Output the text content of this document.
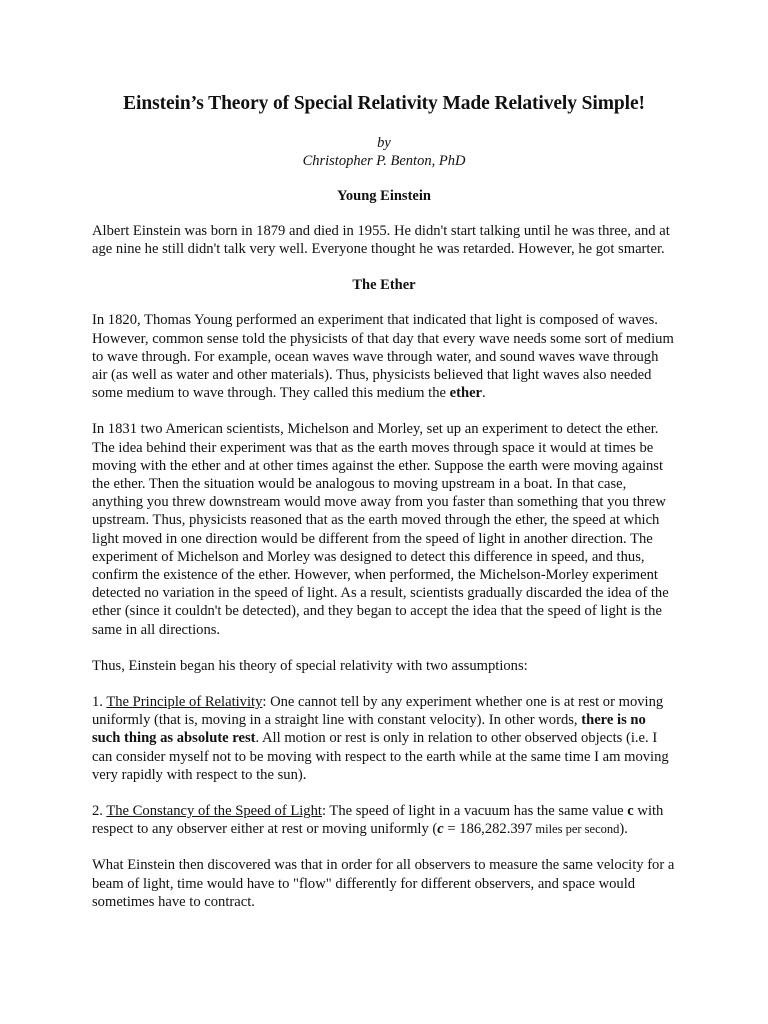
Einstein’s Theory of Special Relativity Made Relatively Simple!
by
Christopher P. Benton, PhD
Young Einstein

Albert Einstein was born in 1879 and died in 1955. He didn't start talking until he was three, and at age nine he still didn't talk very well. Everyone thought he was retarded. However, he got smarter.

The Ether

In 1820, Thomas Young performed an experiment that indicated that light is composed of waves. However, common sense told the physicists of that day that every wave needs some sort of medium to wave through. For example, ocean waves wave through water, and sound waves wave through air (as well as water and other materials). Thus, physicists believed that light waves also needed some medium to wave through. They called this medium the ether.

In 1831 two American scientists, Michelson and Morley, set up an experiment to detect the ether. The idea behind their experiment was that as the earth moves through space it would at times be moving with the ether and at other times against the ether. Suppose the earth were moving against the ether. Then the situation would be analogous to moving upstream in a boat. In that case, anything you threw downstream would move away from you faster than something that you threw upstream. Thus, physicists reasoned that as the earth moved through the ether, the speed at which light moved in one direction would be different from the speed of light in another direction. The experiment of Michelson and Morley was designed to detect this difference in speed, and thus, confirm the existence of the ether. However, when performed, the Michelson-Morley experiment detected no variation in the speed of light. As a result, scientists gradually discarded the idea of the ether (since it couldn't be detected), and they began to accept the idea that the speed of light is the same in all directions.

Thus, Einstein began his theory of special relativity with two assumptions:

1. The Principle of Relativity: One cannot tell by any experiment whether one is at rest or moving uniformly (that is, moving in a straight line with constant velocity). In other words, there is no such thing as absolute rest. All motion or rest is only in relation to other observed objects (i.e. I can consider myself not to be moving with respect to the earth while at the same time I am moving very rapidly with respect to the sun).

2. The Constancy of the Speed of Light: The speed of light in a vacuum has the same value c with respect to any observer either at rest or moving uniformly (c = 186,282.397 miles per second).

What Einstein then discovered was that in order for all observers to measure the same velocity for a beam of light, time would have to "flow" differently for different observers, and space would sometimes have to contract.
